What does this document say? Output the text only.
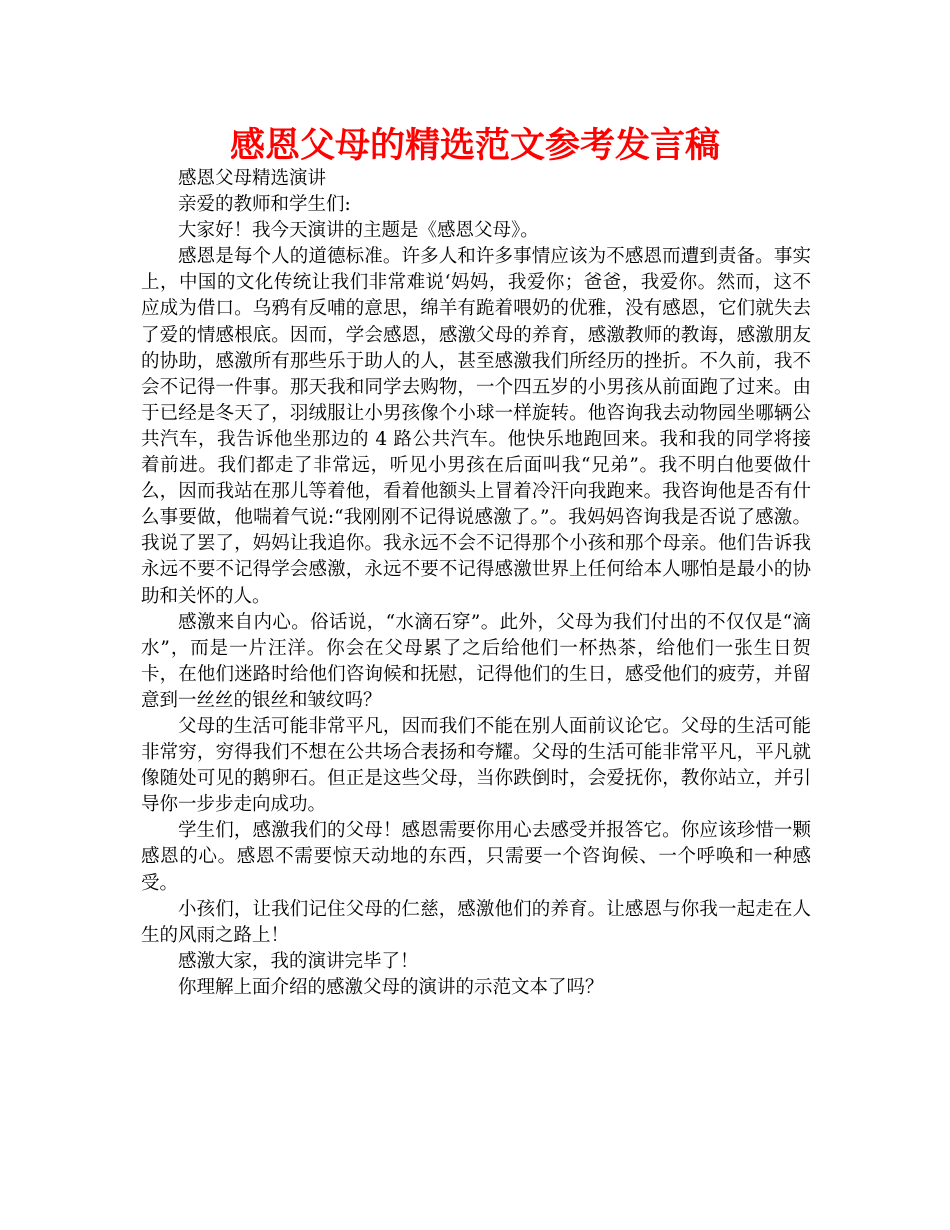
感恩父母的精选范文参考发言稿

感恩父母精选演讲

亲爱的教师和学生们:

大家好！我今天演讲的主题是《感恩父母》。

感恩是每个人的道德标准。许多人和许多事情应该为不感恩而遭到责备。事实上，中国的文化传统让我们非常难说‘妈妈，我爱你；爸爸，我爱你。然而，这不应成为借口。乌鸦有反哺的意思，绵羊有跪着喂奶的优雅，没有感恩，它们就失去了爱的情感根底。因而，学会感恩，感激父母的养育，感激教师的教诲，感激朋友的协助，感激所有那些乐于助人的人，甚至感激我们所经历的挫折。不久前，我不会不记得一件事。那天我和同学去购物，一个四五岁的小男孩从前面跑了过来。由于已经是冬天了，羽绒服让小男孩像个小球一样旋转。他咨询我去动物园坐哪辆公共汽车，我告诉他坐那边的 4 路公共汽车。他快乐地跑回来。我和我的同学将接着前进。我们都走了非常远，听见小男孩在后面叫我“兄弟”。我不明白他要做什么，因而我站在那儿等着他，看着他额头上冒着冷汗向我跑来。我咨询他是否有什么事要做，他喘着气说:“我刚刚不记得说感激了。”。我妈妈咨询我是否说了感激。我说了罢了，妈妈让我追你。我永远不会不记得那个小孩和那个母亲。他们告诉我永远不要不记得学会感激，永远不要不记得感激世界上任何给本人哪怕是最小的协助和关怀的人。

感激来自内心。俗话说，“水滴石穿”。此外，父母为我们付出的不仅仅是“滴水”，而是一片汪洋。你会在父母累了之后给他们一杯热茶，给他们一张生日贺卡，在他们迷路时给他们咨询候和抚慰，记得他们的生日，感受他们的疲劳，并留意到一丝丝的银丝和皱纹吗？

父母的生活可能非常平凡，因而我们不能在别人面前议论它。父母的生活可能非常穷，穷得我们不想在公共场合表扬和夸耀。父母的生活可能非常平凡，平凡就像随处可见的鹅卵石。但正是这些父母，当你跌倒时，会爱抚你，教你站立，并引导你一步步走向成功。

学生们，感激我们的父母！感恩需要你用心去感受并报答它。你应该珍惜一颗感恩的心。感恩不需要惊天动地的东西，只需要一个咨询候、一个呼唤和一种感受。

小孩们，让我们记住父母的仁慈，感激他们的养育。让感恩与你我一起走在人生的风雨之路上！

感激大家，我的演讲完毕了！

你理解上面介绍的感激父母的演讲的示范文本了吗？
